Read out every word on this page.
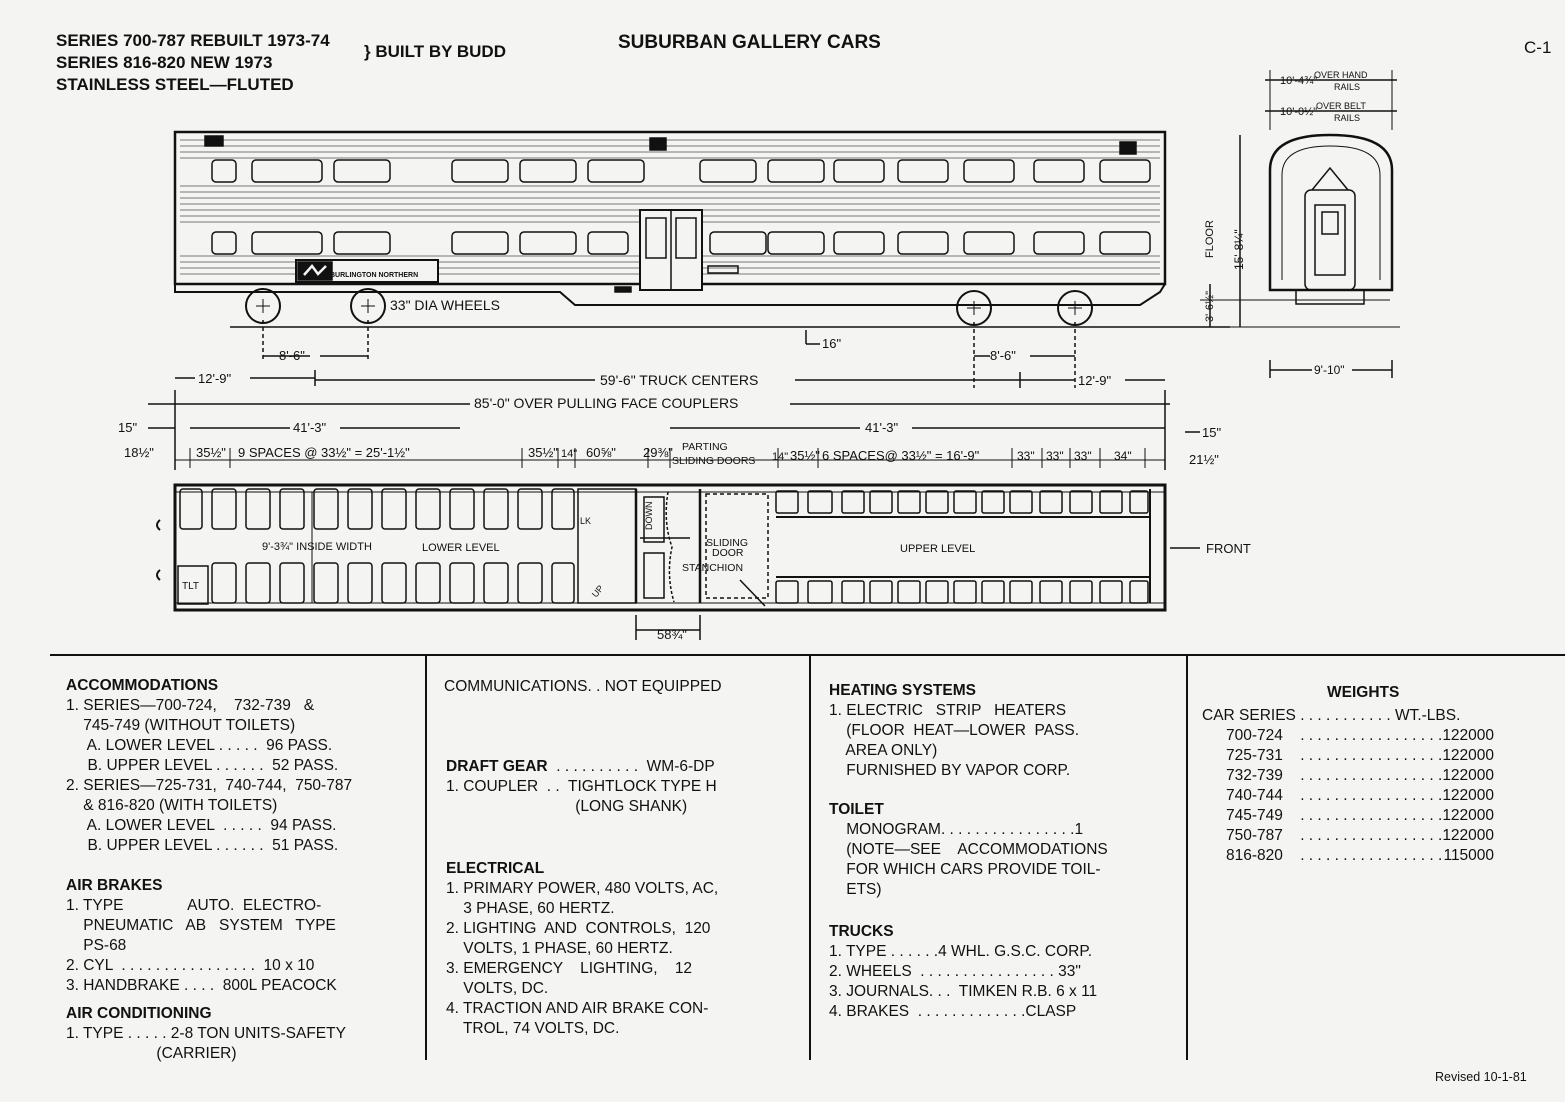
SERIES 700-787 REBUILT 1973-74
SERIES 816-820 NEW 1973
STAINLESS STEEL—FLUTED
} BUILT BY BUDD	SUBURBAN GALLERY CARS	C-1
BURLINGTON NORTHERN
33" DIA WHEELS
16"
8'-6"	8'-6"
12'-9"	12'-9"
59'-6" TRUCK CENTERS
85'-0" OVER PULLING FACE COUPLERS
15"	41'-3"	41'-3"	15"
18½"	35½" 9 SPACES @ 33½" = 25'-1½"	35½" 14" 60⅝" 29⅜" PARTING
SLIDING DOORS 14" 35½" 6 SPACES@ 33½" = 16'-9"	33" 33" 33" 34"	21½"
9'-3¾" INSIDE WIDTH	LOWER LEVEL	UPPER LEVEL	FRONT
SLIDING
DOOR
STANCHION
TLT
LK	DOWN
UP
58¾"
10'-4¾"
OVER HAND
RAILS
10'-0½"
OVER BELT
RAILS
FLOOR 15'-8¼"
3'-6½"
9'-10"
ACCOMMODATIONS
1. SERIES—700-724,    732-739   &
745-749 (WITHOUT TOILETS)
A. LOWER LEVEL . . . . .  96 PASS.
B. UPPER LEVEL . . . . . .  52 PASS.
2. SERIES—725-731,  740-744,  750-787
& 816-820 (WITH TOILETS)
A. LOWER LEVEL  . . . . .  94 PASS.
B. UPPER LEVEL . . . . . .  51 PASS.
AIR BRAKES
1. TYPE               AUTO.  ELECTRO-
PNEUMATIC   AB   SYSTEM   TYPE
PS-68
2. CYL  . . . . . . . . . . . . . . . .  10 x 10
3. HANDBRAKE . . . .  800L PEACOCK
AIR CONDITIONING
1. TYPE . . . . . 2-8 TON UNITS-SAFETY
(CARRIER)
COMMUNICATIONS. . NOT EQUIPPED
DRAFT GEAR  . . . . . . . . . .  WM-6-DP
1. COUPLER  . .  TIGHTLOCK TYPE H
(LONG SHANK)
ELECTRICAL
1. PRIMARY POWER, 480 VOLTS, AC,
3 PHASE, 60 HERTZ.
2. LIGHTING  AND  CONTROLS,  120
VOLTS, 1 PHASE, 60 HERTZ.
3. EMERGENCY    LIGHTING,    12
VOLTS, DC.
4. TRACTION AND AIR BRAKE CON-
TROL, 74 VOLTS, DC.
HEATING SYSTEMS
1. ELECTRIC   STRIP   HEATERS
(FLOOR  HEAT—LOWER  PASS.
AREA ONLY)
FURNISHED BY VAPOR CORP.
TOILET
MONOGRAM. . . . . . . . . . . . . . . .1
(NOTE—SEE    ACCOMMODATIONS
FOR WHICH CARS PROVIDE TOIL-
ETS)
TRUCKS
1. TYPE . . . . . .4 WHL. G.S.C. CORP.
2. WHEELS  . . . . . . . . . . . . . . . . 33"
3. JOURNALS. . .  TIMKEN R.B. 6 x 11
4. BRAKES  . . . . . . . . . . . . .CLASP
WEIGHTS
CAR SERIES	. . . . . . . . . . . WT.-LBS.	
700-724	. . . . . . . . . . . . . . . . .	122000
725-731	. . . . . . . . . . . . . . . . .	122000
732-739	. . . . . . . . . . . . . . . . .	122000
740-744	. . . . . . . . . . . . . . . . .	122000
745-749	. . . . . . . . . . . . . . . . .	122000
750-787	. . . . . . . . . . . . . . . . .	122000
816-820	. . . . . . . . . . . . . . . . .	115000
Revised 10-1-81
